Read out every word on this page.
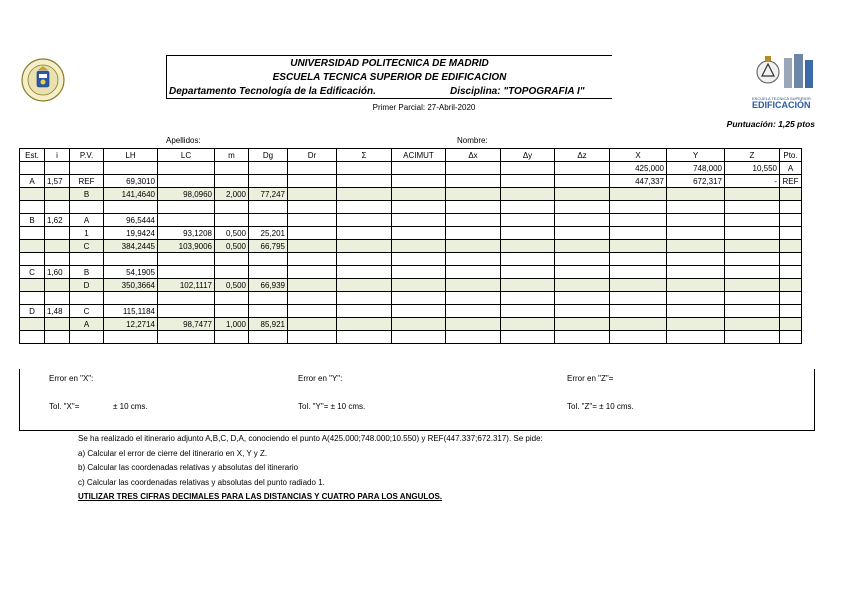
ESCUELA TECNICA SUPERIOR
EDIFICACIÓN
UNIVERSIDAD POLITECNICA DE MADRID
ESCUELA TECNICA SUPERIOR DE EDIFICACION
Departamento Tecnología de la Edificación.	Disciplina: "TOPOGRAFIA I"
Primer Parcial: 27-Abril-2020
Puntuación: 1,25 ptos
Apellidos:	Nombre:
Est.	i	P.V.	LH	LC	m	Dg	Dr	Σ	ACIMUT	Δx	Δy	Δz	X	Y	Z	Pto.
													425,000	748,000	10,550	A
A	1,57	REF	69,3010										447,337	672,317	-	REF
		B	141,4640	98,0960	2,000	77,247										

B	1,62	A	96,5444													
		1	19,9424	93,1208	0,500	25,201										
		C	384,2445	103,9006	0,500	66,795										

C	1,60	B	54,1905													
		D	350,3664	102,1117	0,500	66,939										

D	1,48	C	115,1184													
		A	12,2714	98,7477	1,000	85,921										

Error en "X":	Error en "Y":	Error en "Z"=
Tol. "X"=	± 10 cms.	Tol. "Y"= ± 10 cms.	Tol. "Z"= ± 10 cms.
Se ha realizado el itinerario adjunto A,B,C, D,A, conociendo el punto A(425.000;748.000;10.550) y REF(447.337;672.317). Se pide:
a) Calcular el error de cierre del itinerario en X, Y y Z.
b) Calcular las coordenadas relativas y absolutas del itinerario
c) Calcular las coordenadas relativas y absolutas del punto radiado 1.
UTILIZAR TRES CIFRAS DECIMALES PARA LAS DISTANCIAS Y CUATRO PARA LOS ANGULOS.
